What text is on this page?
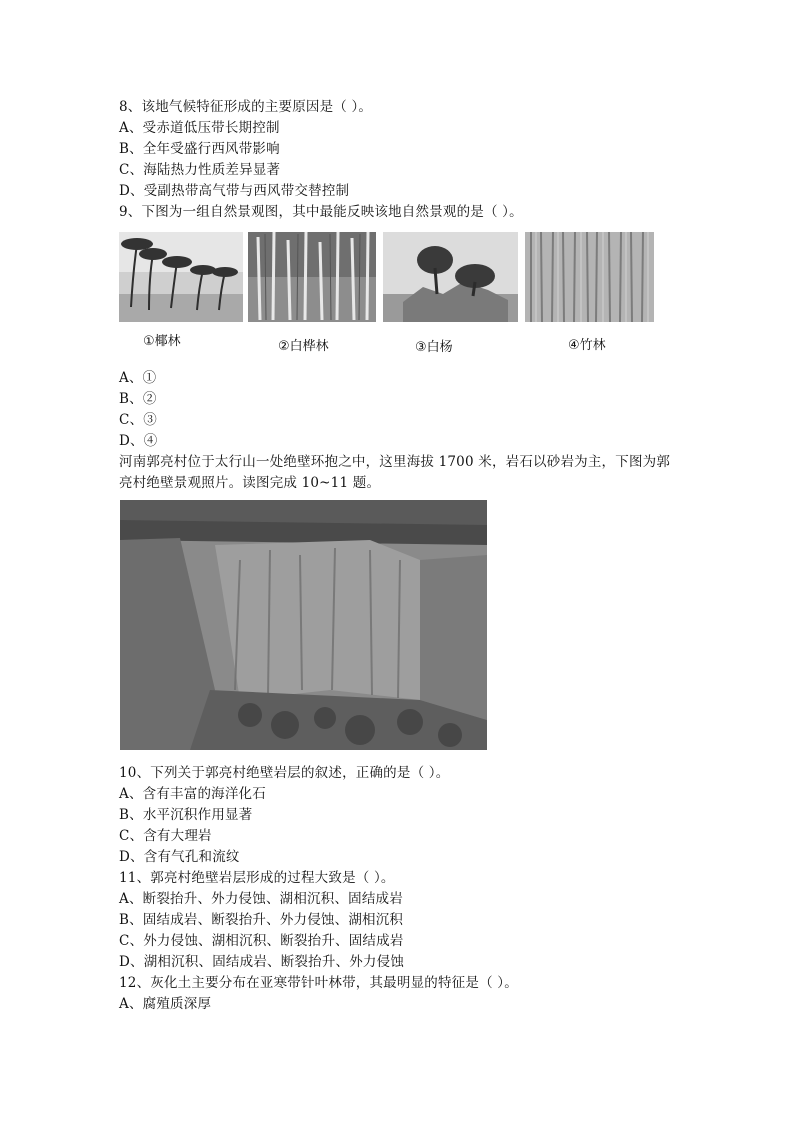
8、该地气候特征形成的主要原因是（ ）。
A、受赤道低压带长期控制
B、全年受盛行西风带影响
C、海陆热力性质差异显著
D、受副热带高气带与西风带交替控制
9、下图为一组自然景观图，其中最能反映该地自然景观的是（ ）。
①椰林	②白桦林	③白杨	④竹林
A、①
B、②
C、③
D、④
河南郭亮村位于太行山一处绝壁环抱之中，这里海拔 1700 米，岩石以砂岩为主，下图为郭
亮村绝壁景观照片。读图完成 10~11 题。
10、下列关于郭亮村绝壁岩层的叙述，正确的是（ ）。
A、含有丰富的海洋化石
B、水平沉积作用显著
C、含有大理岩
D、含有气孔和流纹
11、郭亮村绝壁岩层形成的过程大致是（ ）。
A、断裂抬升、外力侵蚀、湖相沉积、固结成岩
B、固结成岩、断裂抬升、外力侵蚀、湖相沉积
C、外力侵蚀、湖相沉积、断裂抬升、固结成岩
D、湖相沉积、固结成岩、断裂抬升、外力侵蚀
12、灰化土主要分布在亚寒带针叶林带，其最明显的特征是（ ）。
A、腐殖质深厚
